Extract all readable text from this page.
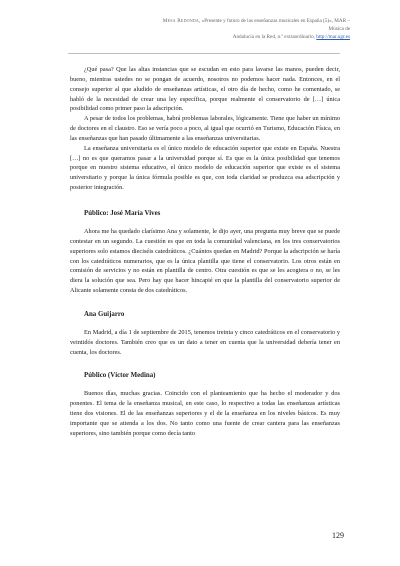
Mesa Redonda, «Presente y futuro de las enseñanzas musicales en España (5)», MAR – Música de
Andalucía en la Red, n.º extraordinario, http://mar.ugr.es

¿Qué pasa? Que las altas instancias que se escudan en esto para lavarse las manos, pueden decir, bueno, mientras ustedes no se pongan de acuerdo, nosotros no podemos hacer nada. Entonces, en el consejo superior al que aludido de enseñanzas artísticas, el otro día de hecho, como he comentado, se habló de la necesidad de crear una ley específica, porque realmente el conservatorio de […] única posibilidad como primer paso la adscripción.

A pesar de todos los problemas, habrá problemas laborales, lógicamente. Tiene que haber un mínimo de doctores en el claustro. Eso se vería poco a poco, al igual que ocurrió en Turismo, Educación Física, en las enseñanzas que han pasado últimamente a las enseñanzas universitarias.

La enseñanza universitaria es el único modelo de educación superior que existe en España. Nuestra […] no es que queramos pasar a la universidad porque sí. Es que es la única posibilidad que tenemos porque en nuestro sistema educativo, el único modelo de educación superior que existe es el sistema universitario y porque la única fórmula posible es que, con toda claridad se produzca esa adscripción y posterior integración.

Público: José María Vives

Ahora me ha quedado clarísimo Ana y solamente, le dijo ayer, una pregunta muy breve que se puede contestar en un segundo. La cuestión es que en toda la comunidad valenciana, en los tres conservatorios superiores solo estamos dieciséis catedráticos. ¿Cuántos quedan en Madrid? Porque la adscripción se haría con los catedráticos numerarios, que es la única plantilla que tiene el conservatorio. Los otros están en comisión de servicios y no están en plantilla de centro. Otra cuestión es que se les acogiera o no, se les diera la solución que sea. Pero hay que hacer hincapié en que la plantilla del conservatorio superior de Alicante solamente consta de dos catedráticos.

Ana Guijarro

En Madrid, a día 1 de septiembre de 2015, tenemos treinta y cinco catedráticos en el conservatorio y veintidós doctores. También creo que es un dato a tener en cuenta que la universidad debería tener en cuenta, los doctores.

Público (Víctor Medina)

Buenos días, muchas gracias. Coincido con el planteamiento que ha hecho el moderador y dos ponentes. El tema de la enseñanza musical, en este caso, lo respectivo a todas las enseñanzas artísticas tiene dos visiones. El de las enseñanzas superiores y el de la enseñanza en los niveles básicos. Es muy importante que se atienda a los dos. No tanto como una fuente de crear cantera para las enseñanzas superiores, sino también porque como decía tanto

129
